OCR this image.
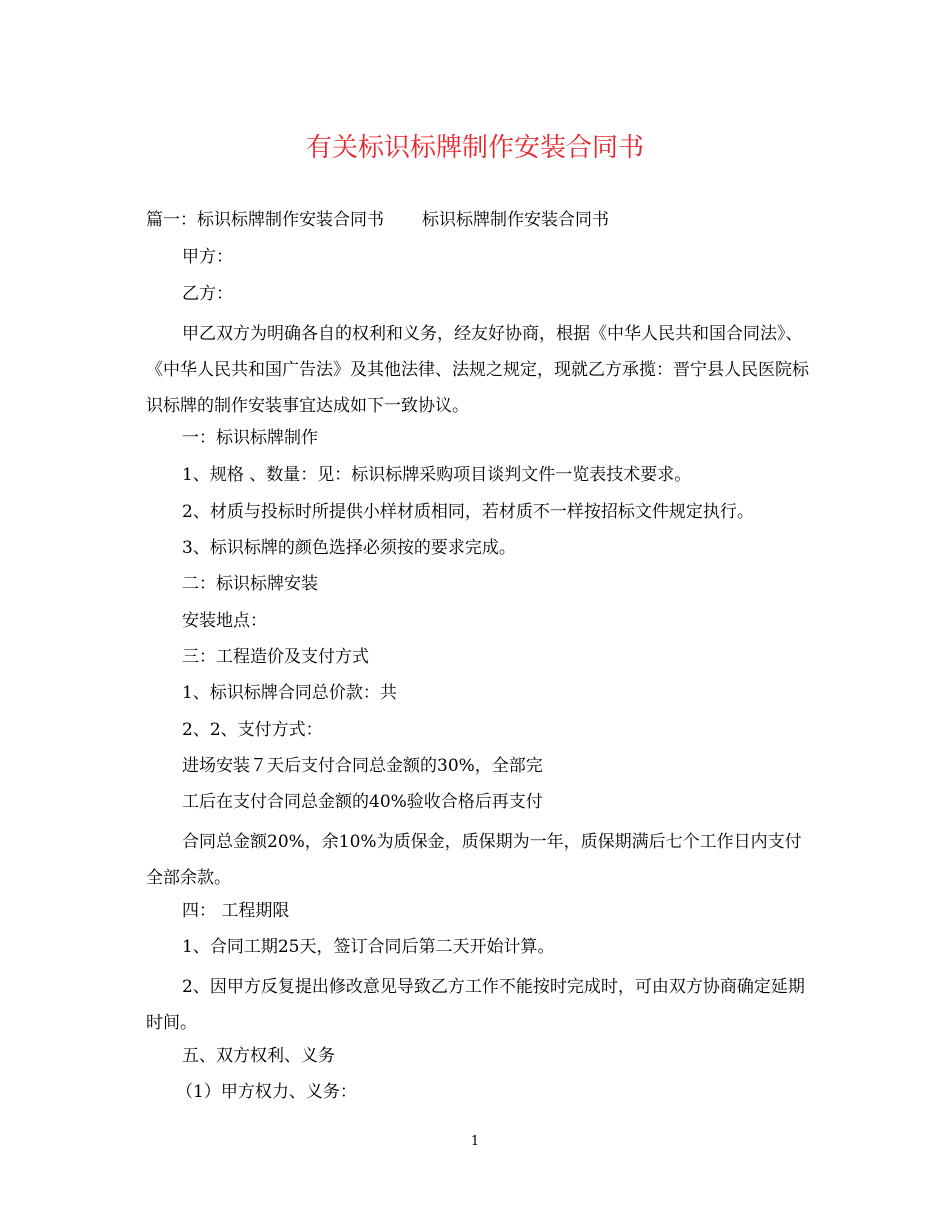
有关标识标牌制作安装合同书
篇一：标识标牌制作安装合同书 标识标牌制作安装合同书
甲方：
乙方：
甲乙双方为明确各自的权利和义务，经友好协商，根据《中华人民共和国合同法》、《中华人民共和国广告法》及其他法律、法规之规定，现就乙方承揽：晋宁县人民医院标识标牌的制作安装事宜达成如下一致协议。
一：标识标牌制作
1、规格 、数量：见：标识标牌采购项目谈判文件一览表技术要求。
2、材质与投标时所提供小样材质相同，若材质不一样按招标文件规定执行。
3、标识标牌的颜色选择必须按的要求完成。
二：标识标牌安装
安装地点：
三：工程造价及支付方式
1、标识标牌合同总价款：共
2、2、支付方式：
进场安装７天后支付合同总金额的30%，全部完
工后在支付合同总金额的40%验收合格后再支付
合同总金额20%，余10%为质保金，质保期为一年，质保期满后七个工作日内支付全部余款。
四： 工程期限
1、合同工期25天，签订合同后第二天开始计算。
2、因甲方反复提出修改意见导致乙方工作不能按时完成时，可由双方协商确定延期时间。
五、双方权利、义务
（1）甲方权力、义务：
1
